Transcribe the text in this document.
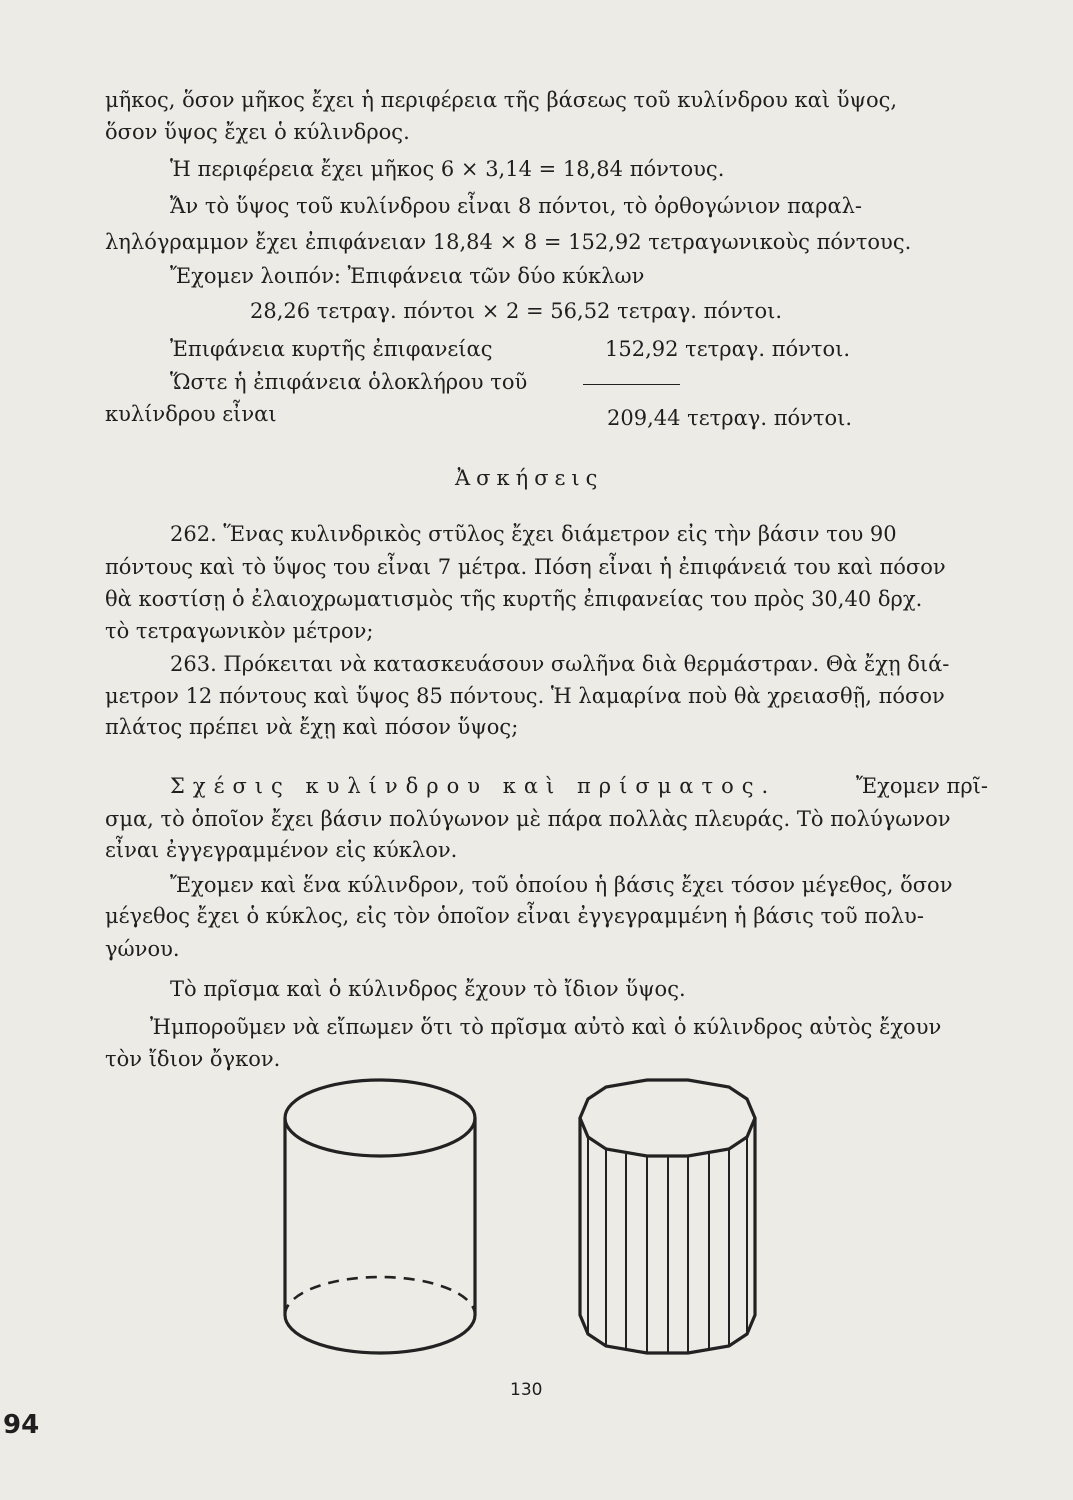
μῆκος, ὅσον μῆκος ἔχει ἡ περιφέρεια τῆς βάσεως τοῦ κυλίνδρου καὶ ὕψος,
ὅσον ὕψος ἔχει ὁ κύλινδρος.
Ἡ περιφέρεια ἔχει μῆκος 6 × 3,14 = 18,84 πόντους.
Ἄν τὸ ὕψος τοῦ κυλίνδρου εἶναι 8 πόντοι, τὸ ὀρθογώνιον παραλ-
ληλόγραμμον ἔχει ἐπιφάνειαν 18,84 × 8 = 152,92 τετραγωνικοὺς πόντους.
Ἔχομεν λοιπόν: Ἐπιφάνεια τῶν δύο κύκλων
28,26 τετραγ. πόντοι × 2 = 56,52 τετραγ. πόντοι.
Ἐπιφάνεια κυρτῆς ἐπιφανείας	152,92 τετραγ. πόντοι.
Ὥστε ἡ ἐπιφάνεια ὁλοκλήρου τοῦ
κυλίνδρου εἶναι	209,44 τετραγ. πόντοι.
Ἀσκήσεις
262. Ἕνας κυλινδρικὸς στῦλος ἔχει διάμετρον εἰς τὴν βάσιν του 90
πόντους καὶ τὸ ὕψος του εἶναι 7 μέτρα. Πόση εἶναι ἡ ἐπιφάνειά του καὶ πόσον
θὰ κοστίσῃ ὁ ἐλαιοχρωματισμὸς τῆς κυρτῆς ἐπιφανείας του πρὸς 30,40 δρχ.
τὸ τετραγωνικὸν μέτρον;
263. Πρόκειται νὰ κατασκευάσουν σωλῆνα διὰ θερμάστραν. Θὰ ἔχῃ διά-
μετρον 12 πόντους καὶ ὕψος 85 πόντους. Ἡ λαμαρίνα ποὺ θὰ χρειασθῇ, πόσον
πλάτος πρέπει νὰ ἔχῃ καὶ πόσον ὕψος;
Σχέσις κυλίνδρου καὶ πρίσματος.	Ἔχομεν πρῖ-
σμα, τὸ ὁποῖον ἔχει βάσιν πολύγωνον μὲ πάρα πολλὰς πλευράς. Τὸ πολύγωνον
εἶναι ἐγγεγραμμένον εἰς κύκλον.
Ἔχομεν καὶ ἕνα κύλινδρον, τοῦ ὁποίου ἡ βάσις ἔχει τόσον μέγεθος, ὅσον
μέγεθος ἔχει ὁ κύκλος, εἰς τὸν ὁποῖον εἶναι ἐγγεγραμμένη ἡ βάσις τοῦ πολυ-
γώνου.
Τὸ πρῖσμα καὶ ὁ κύλινδρος ἔχουν τὸ ἴδιον ὕψος.
Ἠμποροῦμεν νὰ εἴπωμεν ὅτι τὸ πρῖσμα αὐτὸ καὶ ὁ κύλινδρος αὐτὸς ἔχουν
τὸν ἴδιον ὄγκον.
130
94
